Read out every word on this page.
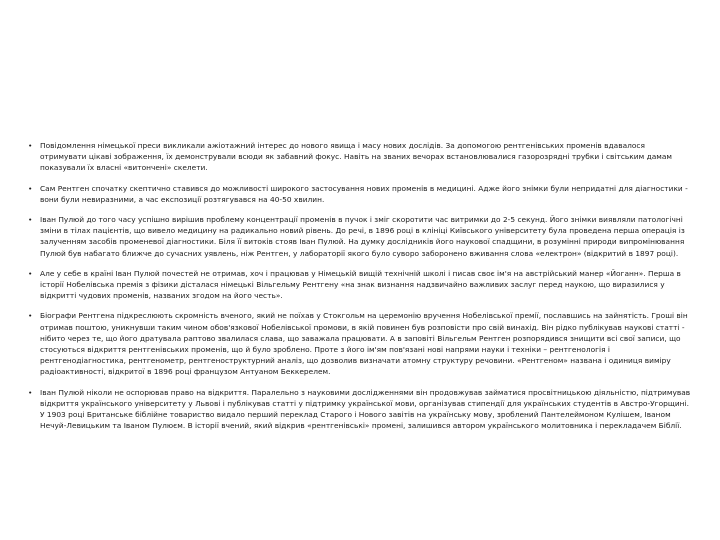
• Повідомлення німецької преси викликали ажіотажний інтерес до нового явища і масу нових дослідів. За допомогою рентгенівських променів вдавалося отримувати цікаві зображення, їх демонстрували всюди як забавний фокус. Навіть на званих вечорах встановлювалися газорозрядні трубки і світським дамам показували їх власні «витончені» скелети.
• Сам Рентген спочатку скептично ставився до можливості широкого застосування нових променів в медицині. Адже його знімки були непридатні для діагностики - вони були невиразними, а час експозиції розтягувався на 40-50 хвилин.
• Іван Пулюй до того часу успішно вирішив проблему концентрації променів в пучок і зміг скоротити час витримки до 2-5 секунд. Його знімки виявляли патологічні зміни в тілах пацієнтів, що вивело медицину на радикально новий рівень. До речі, в 1896 році в клініці Київського університету була проведена перша операція із залученням засобів променевої діагностики. Біля її витоків стояв Іван Пулюй. На думку дослідників його наукової спадщини, в розумінні природи випромінювання Пулюй був набагато ближче до сучасних уявлень, ніж Рентген, у лабораторії якого було суворо заборонено вживання слова «електрон» (відкритий в 1897 році).
• Але у себе в країні Іван Пулюй почестей не отримав, хоч і працював у Німецькій вищій технічній школі і писав своє ім'я на австрійський манер «Йоганн». Перша в історії Нобелівська премія з фізики дісталася німецькі Вільгельму Рентгену «на знак визнання надзвичайно важливих заслуг перед наукою, що виразилися у відкритті чудових променів, названих згодом на його честь».
• Біографи Рентгена підкреслюють скромність вченого, який не поїхав у Стокгольм на церемонію вручення Нобелівської премії, пославшись на зайнятість. Гроші він отримав поштою, уникнувши таким чином обов'язкової Нобелівської промови, в якій повинен був розповісти про свій винахід. Він рідко публікував наукові статті - нібито через те, що його дратувала раптово звалилася слава, що заважала працювати. А в заповіті Вільгельм Рентген розпорядився знищити всі свої записи, що стосуються відкриття рентгенівських променів, що й було зроблено. Проте з його ім'ям пов'язані нові напрями науки і техніки – рентгенологія і рентгенодіагностика, рентгенометр, рентгеноструктурний аналіз, що дозволив визначати атомну структуру речовини. «Рентгеном» названа і одиниця виміру радіоактивності, відкритої в 1896 році французом Антуаном Беккерелем.
• Іван Пулюй ніколи не оспорював право на відкриття. Паралельно з науковими дослідженнями він продовжував займатися просвітницькою діяльністю, підтримував відкриття українського університету у Львові і публікував статті у підтримку української мови, організував стипендії для українських студентів в Австро-Угорщині. У 1903 році Британське біблійне товариство видало перший переклад Старого і Нового завітів на українську мову, зроблений Пантелеймоном Кулішем, Іваном Нечуй-Левицьким та Іваном Пулюєм. В історії вчений, який відкрив «рентгенівські» промені, залишився автором українського молитовника і перекладачем Біблії.
